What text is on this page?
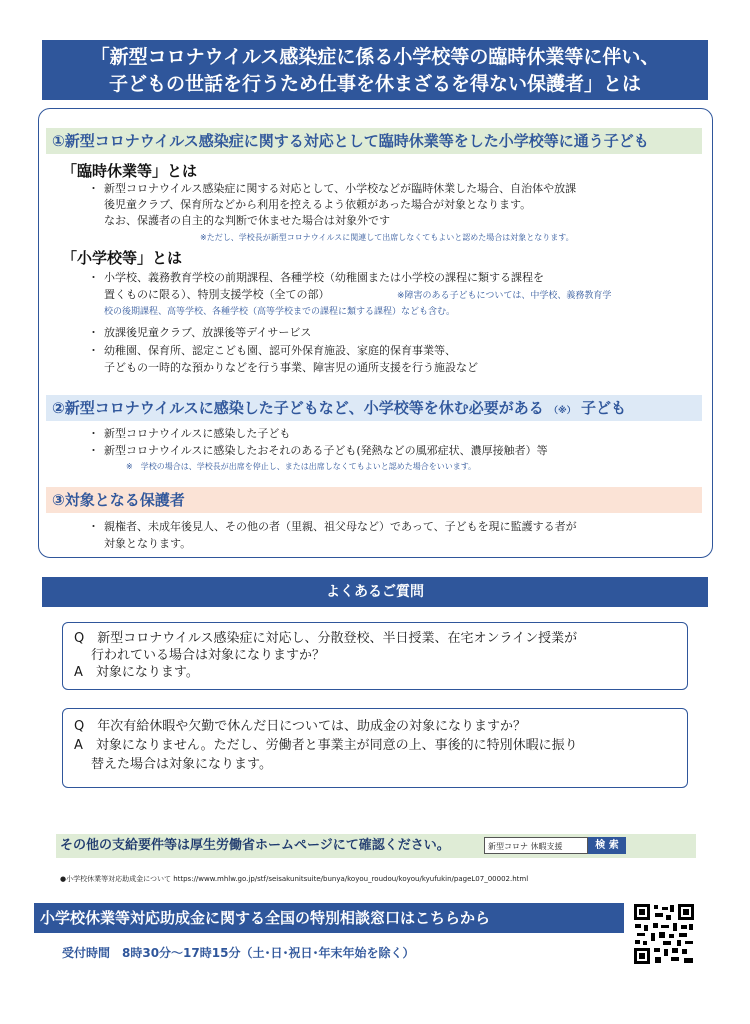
「新型コロナウイルス感染症に係る小学校等の臨時休業等に伴い、
子どもの世話を行うため仕事を休まざるを得ない保護者」とは
①新型コロナウイルス感染症に関する対応として臨時休業等をした小学校等に通う子ども
「臨時休業等」とは
・ 新型コロナウイルス感染症に関する対応として、小学校などが臨時休業した場合、自治体や放課
後児童クラブ、保育所などから利用を控えるよう依頼があった場合が対象となります。
なお、保護者の自主的な判断で休ませた場合は対象外です
※ただし、学校長が新型コロナウイルスに関連して出席しなくてもよいと認めた場合は対象となります。
「小学校等」とは
・ 小学校、義務教育学校の前期課程、各種学校（幼稚園または小学校の課程に類する課程を
置くものに限る）、特別支援学校（全ての部）	※障害のある子どもについては、中学校、義務教育学
校の後期課程、高等学校、各種学校（高等学校までの課程に類する課程）なども含む。
・ 放課後児童クラブ、放課後等デイサービス
・ 幼稚園、保育所、認定こども園、認可外保育施設、家庭的保育事業等、
子どもの一時的な預かりなどを行う事業、障害児の通所支援を行う施設など
②新型コロナウイルスに感染した子どもなど、小学校等を休む必要がある （※） 子ども
・ 新型コロナウイルスに感染した子ども
・ 新型コロナウイルスに感染したおそれのある子ども(発熱などの風邪症状、濃厚接触者）等
※　学校の場合は、学校長が出席を停止し、または出席しなくてもよいと認めた場合をいいます。
③対象となる保護者
・ 親権者、未成年後見人、その他の者（里親、祖父母など）であって、子どもを現に監護する者が
対象となります。
よくあるご質問
Q　新型コロナウイルス感染症に対応し、分散登校、半日授業、在宅オンライン授業が
行われている場合は対象になりますか？
A　対象になります。
Q　年次有給休暇や欠勤で休んだ日については、助成金の対象になりますか？
A　対象になりません。ただし、労働者と事業主が同意の上、事後的に特別休暇に振り
替えた場合は対象になります。
その他の支給要件等は厚生労働省ホームページにて確認ください。	新型コロナ 休暇支援	検 索
●小学校休業等対応助成金について https://www.mhlw.go.jp/stf/seisakunitsuite/bunya/koyou_roudou/koyou/kyufukin/pageL07_00002.html
小学校休業等対応助成金に関する全国の特別相談窓口はこちらから
受付時間　8時30分～17時15分（土･日･祝日･年末年始を除く）
